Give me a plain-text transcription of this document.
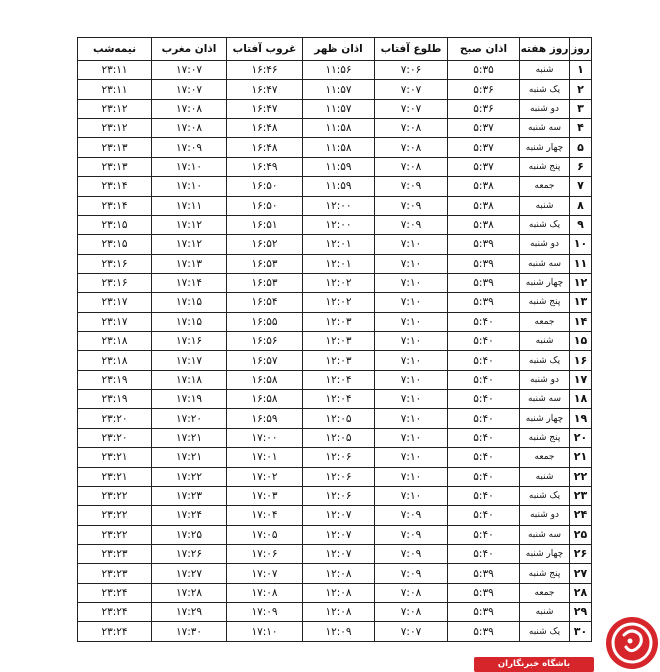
روز	روز هفته	اذان صبح	طلوع آفتاب	اذان ظهر	غروب آفتاب	اذان مغرب	نیمه‌شب
۱	شنبه	۵:۳۵	۷:۰۶	۱۱:۵۶	۱۶:۴۶	۱۷:۰۷	۲۳:۱۱
۲	یک شنبه	۵:۳۶	۷:۰۷	۱۱:۵۷	۱۶:۴۷	۱۷:۰۷	۲۳:۱۱
۳	دو شنبه	۵:۳۶	۷:۰۷	۱۱:۵۷	۱۶:۴۷	۱۷:۰۸	۲۳:۱۲
۴	سه شنبه	۵:۳۷	۷:۰۸	۱۱:۵۸	۱۶:۴۸	۱۷:۰۸	۲۳:۱۲
۵	چهار شنبه	۵:۳۷	۷:۰۸	۱۱:۵۸	۱۶:۴۸	۱۷:۰۹	۲۳:۱۳
۶	پنج شنبه	۵:۳۷	۷:۰۸	۱۱:۵۹	۱۶:۴۹	۱۷:۱۰	۲۳:۱۳
۷	جمعه	۵:۳۸	۷:۰۹	۱۱:۵۹	۱۶:۵۰	۱۷:۱۰	۲۳:۱۴
۸	شنبه	۵:۳۸	۷:۰۹	۱۲:۰۰	۱۶:۵۰	۱۷:۱۱	۲۳:۱۴
۹	یک شنبه	۵:۳۸	۷:۰۹	۱۲:۰۰	۱۶:۵۱	۱۷:۱۲	۲۳:۱۵
۱۰	دو شنبه	۵:۳۹	۷:۱۰	۱۲:۰۱	۱۶:۵۲	۱۷:۱۲	۲۳:۱۵
۱۱	سه شنبه	۵:۳۹	۷:۱۰	۱۲:۰۱	۱۶:۵۳	۱۷:۱۳	۲۳:۱۶
۱۲	چهار شنبه	۵:۳۹	۷:۱۰	۱۲:۰۲	۱۶:۵۳	۱۷:۱۴	۲۳:۱۶
۱۳	پنج شنبه	۵:۳۹	۷:۱۰	۱۲:۰۲	۱۶:۵۴	۱۷:۱۵	۲۳:۱۷
۱۴	جمعه	۵:۴۰	۷:۱۰	۱۲:۰۳	۱۶:۵۵	۱۷:۱۵	۲۳:۱۷
۱۵	شنبه	۵:۴۰	۷:۱۰	۱۲:۰۳	۱۶:۵۶	۱۷:۱۶	۲۳:۱۸
۱۶	یک شنبه	۵:۴۰	۷:۱۰	۱۲:۰۳	۱۶:۵۷	۱۷:۱۷	۲۳:۱۸
۱۷	دو شنبه	۵:۴۰	۷:۱۰	۱۲:۰۴	۱۶:۵۸	۱۷:۱۸	۲۳:۱۹
۱۸	سه شنبه	۵:۴۰	۷:۱۰	۱۲:۰۴	۱۶:۵۸	۱۷:۱۹	۲۳:۱۹
۱۹	چهار شنبه	۵:۴۰	۷:۱۰	۱۲:۰۵	۱۶:۵۹	۱۷:۲۰	۲۳:۲۰
۲۰	پنج شنبه	۵:۴۰	۷:۱۰	۱۲:۰۵	۱۷:۰۰	۱۷:۲۱	۲۳:۲۰
۲۱	جمعه	۵:۴۰	۷:۱۰	۱۲:۰۶	۱۷:۰۱	۱۷:۲۱	۲۳:۲۱
۲۲	شنبه	۵:۴۰	۷:۱۰	۱۲:۰۶	۱۷:۰۲	۱۷:۲۲	۲۳:۲۱
۲۳	یک شنبه	۵:۴۰	۷:۱۰	۱۲:۰۶	۱۷:۰۳	۱۷:۲۳	۲۳:۲۲
۲۴	دو شنبه	۵:۴۰	۷:۰۹	۱۲:۰۷	۱۷:۰۴	۱۷:۲۴	۲۳:۲۲
۲۵	سه شنبه	۵:۴۰	۷:۰۹	۱۲:۰۷	۱۷:۰۵	۱۷:۲۵	۲۳:۲۲
۲۶	چهار شنبه	۵:۴۰	۷:۰۹	۱۲:۰۷	۱۷:۰۶	۱۷:۲۶	۲۳:۲۳
۲۷	پنج شنبه	۵:۳۹	۷:۰۹	۱۲:۰۸	۱۷:۰۷	۱۷:۲۷	۲۳:۲۳
۲۸	جمعه	۵:۳۹	۷:۰۸	۱۲:۰۸	۱۷:۰۸	۱۷:۲۸	۲۳:۲۴
۲۹	شنبه	۵:۳۹	۷:۰۸	۱۲:۰۸	۱۷:۰۹	۱۷:۲۹	۲۳:۲۴
۳۰	یک شنبه	۵:۳۹	۷:۰۷	۱۲:۰۹	۱۷:۱۰	۱۷:۳۰	۲۳:۲۴
باشگاه خبرنگاران
